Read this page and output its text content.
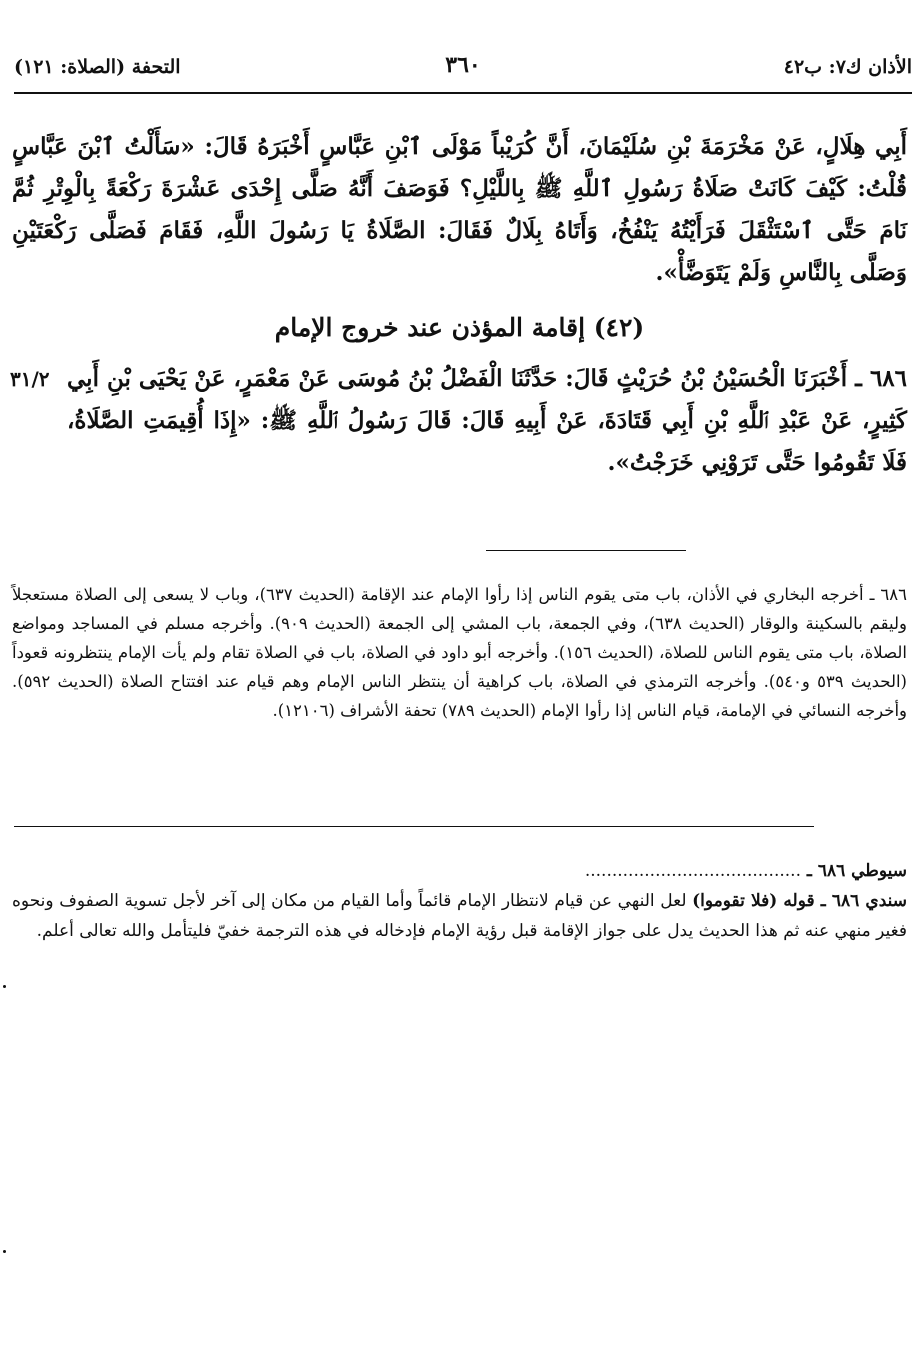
الأذان ك٧: ب٤٢
٣٦٠
التحفة (الصلاة: ١٢١)

أَبِي هِلَالٍ، عَنْ مَخْرَمَةَ بْنِ سُلَيْمَانَ، أَنَّ كُرَيْباً مَوْلَى ٱبْنِ عَبَّاسٍ أَخْبَرَهُ قَالَ: «سَأَلْتُ ٱبْنَ عَبَّاسٍ قُلْتُ: كَيْفَ كَانَتْ صَلَاةُ رَسُولِ ٱللَّهِ ﷺ بِاللَّيْلِ؟ فَوَصَفَ أَنَّهُ صَلَّى إِحْدَى عَشْرَةَ رَكْعَةً بِالْوِتْرِ ثُمَّ نَامَ حَتَّى ٱسْتَثْقَلَ فَرَأَيْتُهُ يَنْفُخُ، وَأَتَاهُ بِلَالٌ فَقَالَ: الصَّلَاةُ يَا رَسُولَ اللَّهِ، فَقَامَ فَصَلَّى رَكْعَتَيْنِ وَصَلَّى بِالنَّاسِ وَلَمْ يَتَوَضَّأْ».

(٤٢) إقامة المؤذن عند خروج الإمام
٣١/٢ ٦٨٦ ـ أَخْبَرَنَا الْحُسَيْنُ بْنُ حُرَيْثٍ قَالَ: حَدَّثَنَا الْفَضْلُ بْنُ مُوسَى عَنْ مَعْمَرٍ، عَنْ يَحْيَى بْنِ أَبِي كَثِيرٍ، عَنْ عَبْدِ ٱللَّهِ بْنِ أَبِي قَتَادَةَ، عَنْ أَبِيهِ قَالَ: قَالَ رَسُولُ ٱللَّهِ ﷺ: «إِذَا أُقِيمَتِ الصَّلَاةُ، فَلَا تَقُومُوا حَتَّى تَرَوْنِي خَرَجْتُ».

٦٨٦ ـ أخرجه البخاري في الأذان، باب متى يقوم الناس إذا رأوا الإمام عند الإقامة (الحديث ٦٣٧)، وباب لا يسعى إلى الصلاة مستعجلاً وليقم بالسكينة والوقار (الحديث ٦٣٨)، وفي الجمعة، باب المشي إلى الجمعة (الحديث ٩٠٩). وأخرجه مسلم في المساجد ومواضع الصلاة، باب متى يقوم الناس للصلاة، (الحديث ١٥٦). وأخرجه أبو داود في الصلاة، باب في الصلاة تقام ولم يأت الإمام ينتظرونه قعوداً (الحديث ٥٣٩ و٥٤٠). وأخرجه الترمذي في الصلاة، باب كراهية أن ينتظر الناس الإمام وهم قيام عند افتتاح الصلاة (الحديث ٥٩٢). وأخرجه النسائي في الإمامة، قيام الناس إذا رأوا الإمام (الحديث ٧٨٩) تحفة الأشراف (١٢١٠٦).

سيوطي ٦٨٦ ـ ........................................

سندي ٦٨٦ ـ قوله (فلا تقوموا) لعل النهي عن قيام لانتظار الإمام قائماً وأما القيام من مكان إلى آخر لأجل تسوية الصفوف ونحوه فغير منهي عنه ثم هذا الحديث يدل على جواز الإقامة قبل رؤية الإمام فإدخاله في هذه الترجمة خفيّ فليتأمل والله تعالى أعلم.
